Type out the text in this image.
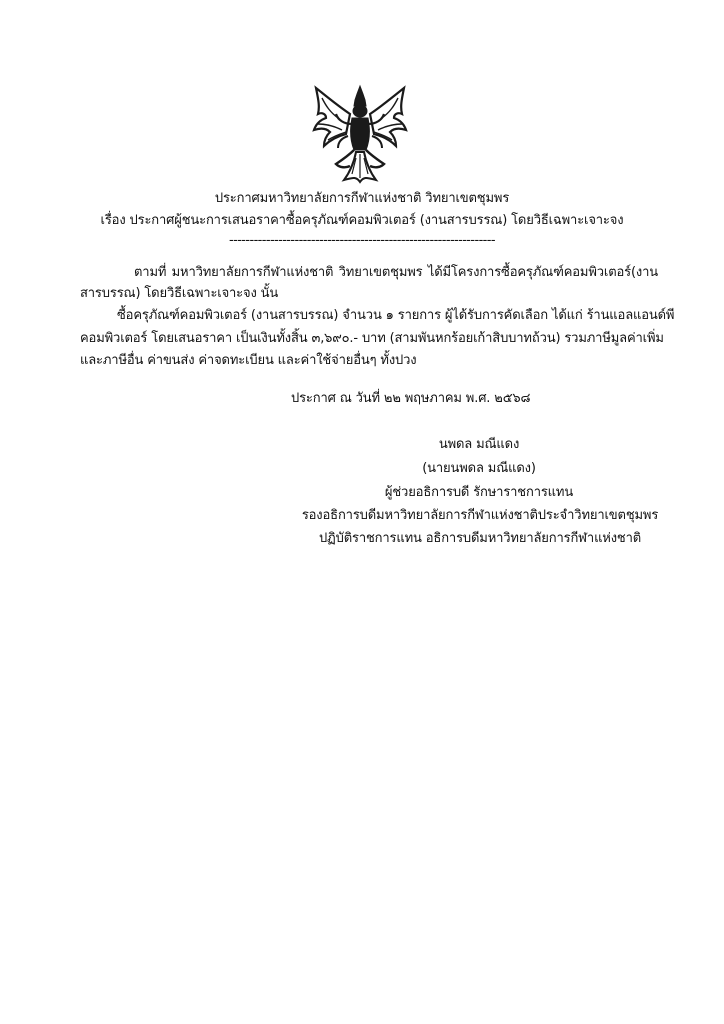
ประกาศมหาวิทยาลัยการกีฬาแห่งชาติ วิทยาเขตชุมพร
เรื่อง ประกาศผู้ชนะการเสนอราคาซื้อครุภัณฑ์คอมพิวเตอร์ (งานสารบรรณ) โดยวิธีเฉพาะเจาะจง
-----------------------------------------------------------------
ตามที่ มหาวิทยาลัยการกีฬาแห่งชาติ วิทยาเขตชุมพร ได้มีโครงการซื้อครุภัณฑ์คอมพิวเตอร์(งาน
สารบรรณ) โดยวิธีเฉพาะเจาะจง นั้น
ซื้อครุภัณฑ์คอมพิวเตอร์ (งานสารบรรณ) จำนวน ๑ รายการ ผู้ได้รับการคัดเลือก ได้แก่ ร้านแอลแอนด์พี
คอมพิวเตอร์ โดยเสนอราคา เป็นเงินทั้งสิ้น ๓,๖๙๐.- บาท (สามพันหกร้อยเก้าสิบบาทถ้วน) รวมภาษีมูลค่าเพิ่ม
และภาษีอื่น ค่าขนส่ง ค่าจดทะเบียน และค่าใช้จ่ายอื่นๆ ทั้งปวง
ประกาศ ณ วันที่ ๒๒ พฤษภาคม พ.ศ. ๒๕๖๘
นพดล มณีแดง
(นายนพดล มณีแดง)
ผู้ช่วยอธิการบดี รักษาราชการแทน
รองอธิการบดีมหาวิทยาลัยการกีฬาแห่งชาติประจำวิทยาเขตชุมพร
ปฏิบัติราชการแทน อธิการบดีมหาวิทยาลัยการกีฬาแห่งชาติ
